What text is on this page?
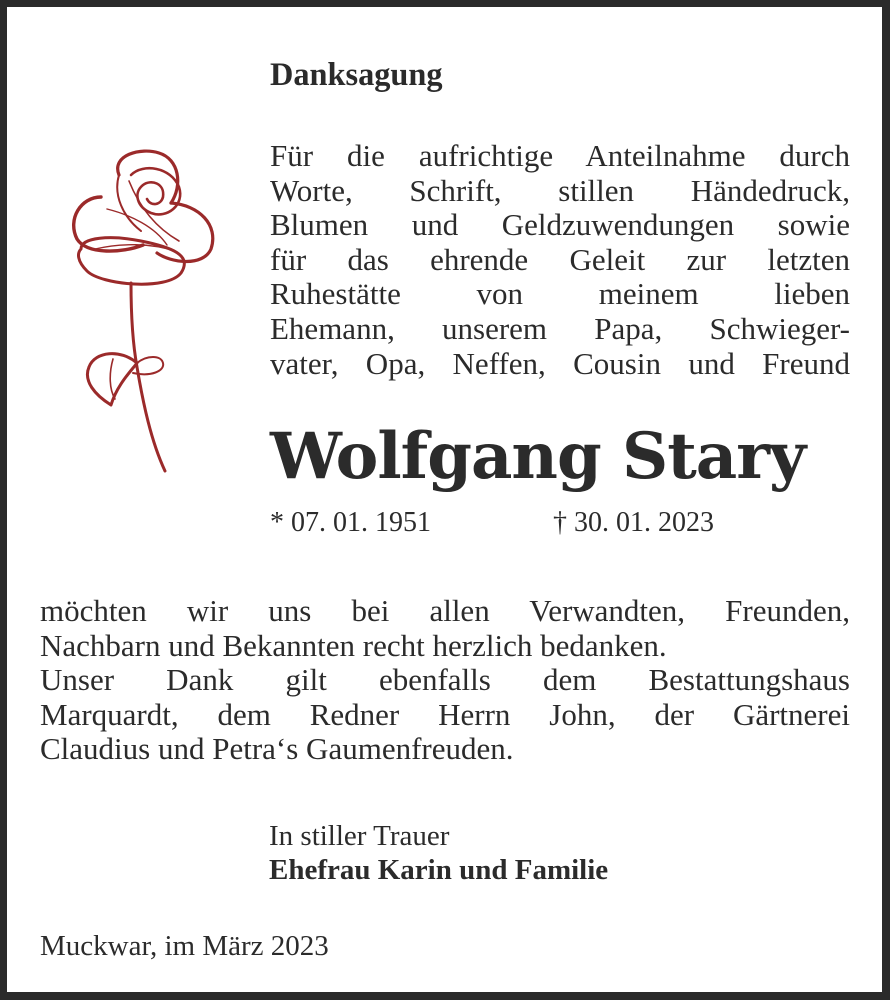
Danksagung
Für die aufrichtige Anteilnahme durch
Worte, Schrift, stillen Händedruck,
Blumen und Geldzuwendungen sowie
für das ehrende Geleit zur letzten
Ruhestätte von meinem lieben
Ehemann, unserem Papa, Schwieger-
vater, Opa, Neffen, Cousin und Freund
Wolfgang Stary
* 07. 01. 1951	† 30. 01. 2023
möchten wir uns bei allen Verwandten, Freunden,
Nachbarn und Bekannten recht herzlich bedanken.
Unser Dank gilt ebenfalls dem Bestattungshaus
Marquardt, dem Redner Herrn John, der Gärtnerei
Claudius und Petra‘s Gaumenfreuden.
In stiller Trauer
Ehefrau Karin und Familie
Muckwar, im März 2023
